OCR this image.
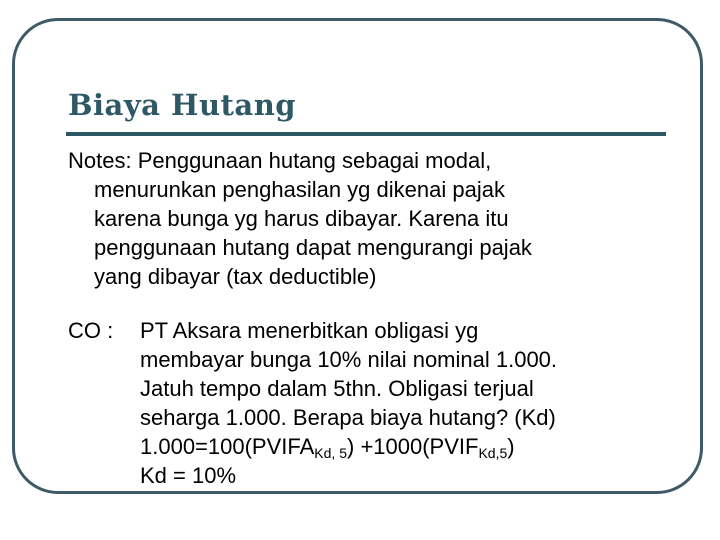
Biaya Hutang
Notes: Penggunaan hutang sebagai modal,
menurunkan penghasilan yg dikenai pajak
karena bunga yg harus dibayar. Karena itu
penggunaan hutang dapat mengurangi pajak
yang dibayar (tax deductible)
CO :	PT Aksara menerbitkan obligasi yg
membayar bunga 10% nilai nominal 1.000.
Jatuh tempo dalam 5thn. Obligasi terjual
seharga 1.000. Berapa biaya hutang? (Kd)
$1.000=100(PVIFA_{Kd, 5})$ $+1000(PVIF_{Kd,5})$
Kd = 10%
